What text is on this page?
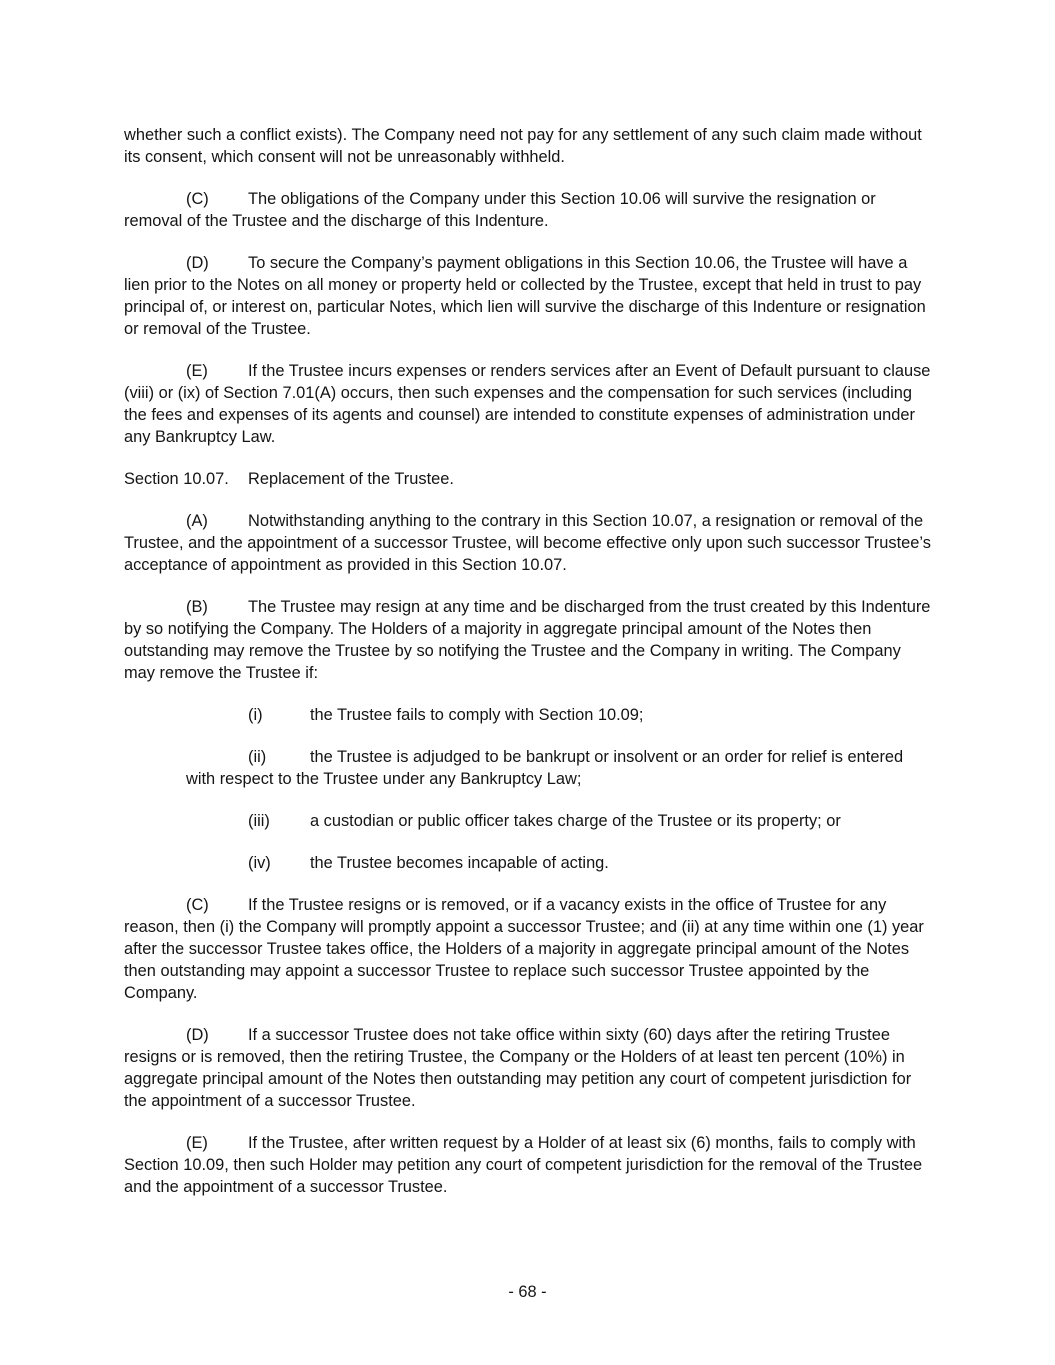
whether such a conflict exists). The Company need not pay for any settlement of any such claim made without its consent, which consent will not be unreasonably withheld.

(C) The obligations of the Company under this Section 10.06 will survive the resignation or removal of the Trustee and the discharge of this Indenture.

(D) To secure the Company’s payment obligations in this Section 10.06, the Trustee will have a lien prior to the Notes on all money or property held or collected by the Trustee, except that held in trust to pay principal of, or interest on, particular Notes, which lien will survive the discharge of this Indenture or resignation or removal of the Trustee.

(E) If the Trustee incurs expenses or renders services after an Event of Default pursuant to clause (viii) or (ix) of Section 7.01(A) occurs, then such expenses and the compensation for such services (including the fees and expenses of its agents and counsel) are intended to constitute expenses of administration under any Bankruptcy Law.

Section 10.07. Replacement of the Trustee.

(A) Notwithstanding anything to the contrary in this Section 10.07, a resignation or removal of the Trustee, and the appointment of a successor Trustee, will become effective only upon such successor Trustee’s acceptance of appointment as provided in this Section 10.07.

(B) The Trustee may resign at any time and be discharged from the trust created by this Indenture by so notifying the Company. The Holders of a majority in aggregate principal amount of the Notes then outstanding may remove the Trustee by so notifying the Trustee and the Company in writing. The Company may remove the Trustee if:

(i)	the Trustee fails to comply with Section 10.09;

(ii)	the Trustee is adjudged to be bankrupt or insolvent or an order for relief is entered with respect to the Trustee under any Bankruptcy Law;

(iii) a custodian or public officer takes charge of the Trustee or its property; or

(iv) the Trustee becomes incapable of acting.

(C) If the Trustee resigns or is removed, or if a vacancy exists in the office of Trustee for any reason, then (i) the Company will promptly appoint a successor Trustee; and (ii) at any time within one (1) year after the successor Trustee takes office, the Holders of a majority in aggregate principal amount of the Notes then outstanding may appoint a successor Trustee to replace such successor Trustee appointed by the Company.

(D) If a successor Trustee does not take office within sixty (60) days after the retiring Trustee resigns or is removed, then the retiring Trustee, the Company or the Holders of at least ten percent (10%) in aggregate principal amount of the Notes then outstanding may petition any court of competent jurisdiction for the appointment of a successor Trustee.

(E) If the Trustee, after written request by a Holder of at least six (6) months, fails to comply with Section 10.09, then such Holder may petition any court of competent jurisdiction for the removal of the Trustee and the appointment of a successor Trustee.

- 68 -
